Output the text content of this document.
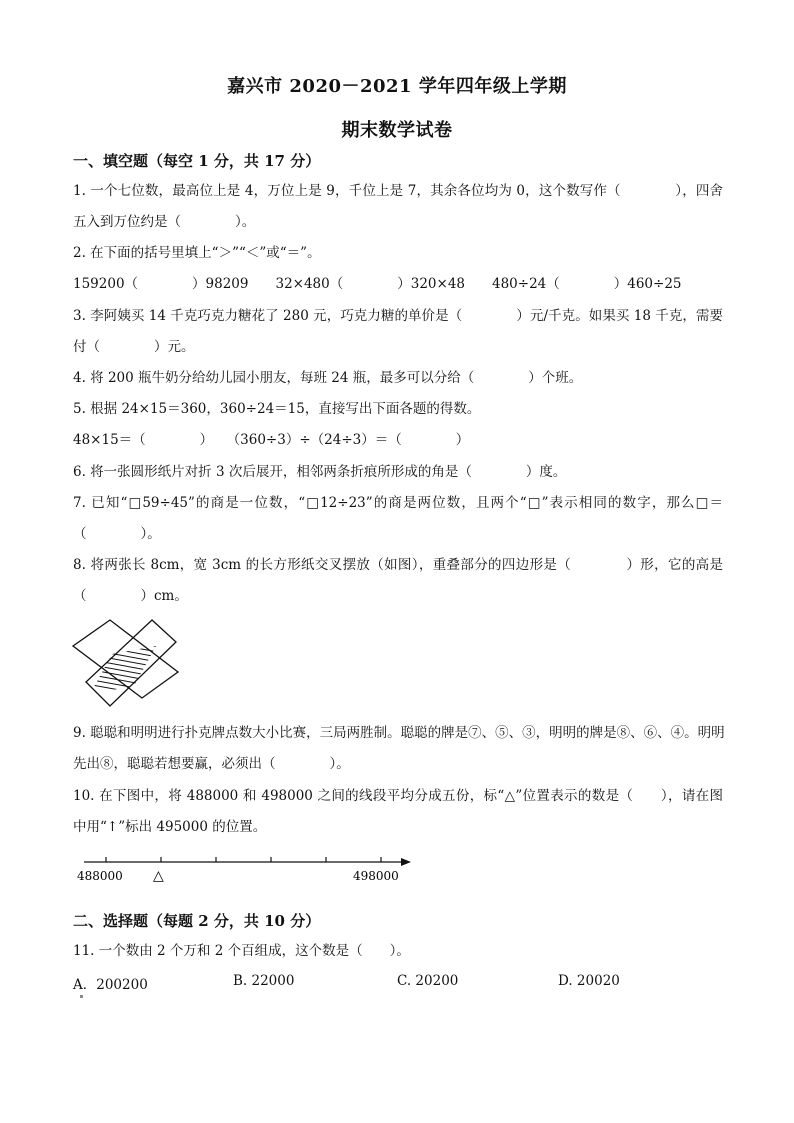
嘉兴市 2020－2021 学年四年级上学期
期末数学试卷
一、填空题（每空 1 分，共 17 分）
1. 一个七位数，最高位上是 4，万位上是 9，千位上是 7，其余各位均为 0，这个数写作（　　　　），四舍
五入到万位约是（　　　　）。
2. 在下面的括号里填上“＞”“＜”或“＝”。
159200（　　　　）98209　　32×480（　　　　）320×48　　480÷24（　　　　）460÷25
3. 李阿姨买 14 千克巧克力糖花了 280 元，巧克力糖的单价是（　　　　）元/千克。如果买 18 千克，需要
付（　　　　）元。
4. 将 200 瓶牛奶分给幼儿园小朋友，每班 24 瓶，最多可以分给（　　　　）个班。
5. 根据 24×15＝360，360÷24＝15，直接写出下面各题的得数。
48×15＝（　　　　）　　（360÷3）÷（24÷3）＝（　　　　）
6. 将一张圆形纸片对折 3 次后展开，相邻两条折痕所形成的角是（　　　　）度。
7. 已知“□59÷45”的商是一位数，“□12÷23”的商是两位数，且两个“□”表示相同的数字，那么□＝
（　　　　）。
8. 将两张长 8cm，宽 3cm 的长方形纸交叉摆放（如图），重叠部分的四边形是（　　　　）形，它的高是
（　　　　）cm。
9. 聪聪和明明进行扑克牌点数大小比赛，三局两胜制。聪聪的牌是⑦、⑤、③，明明的牌是⑧、⑥、④。明明
先出⑧，聪聪若想要赢，必须出（　　　　）。
10. 在下图中，将 488000 和 498000 之间的线段平均分成五份，标“△”位置表示的数是（　　），请在图
中用“↑”标出 495000 的位置。
488000	498000
△
二、选择题（每题 2 分，共 10 分）
11. 一个数由 2 个万和 2 个百组成，这个数是（　　）。
A．200200	B. 22000	C. 20200	D. 20020
